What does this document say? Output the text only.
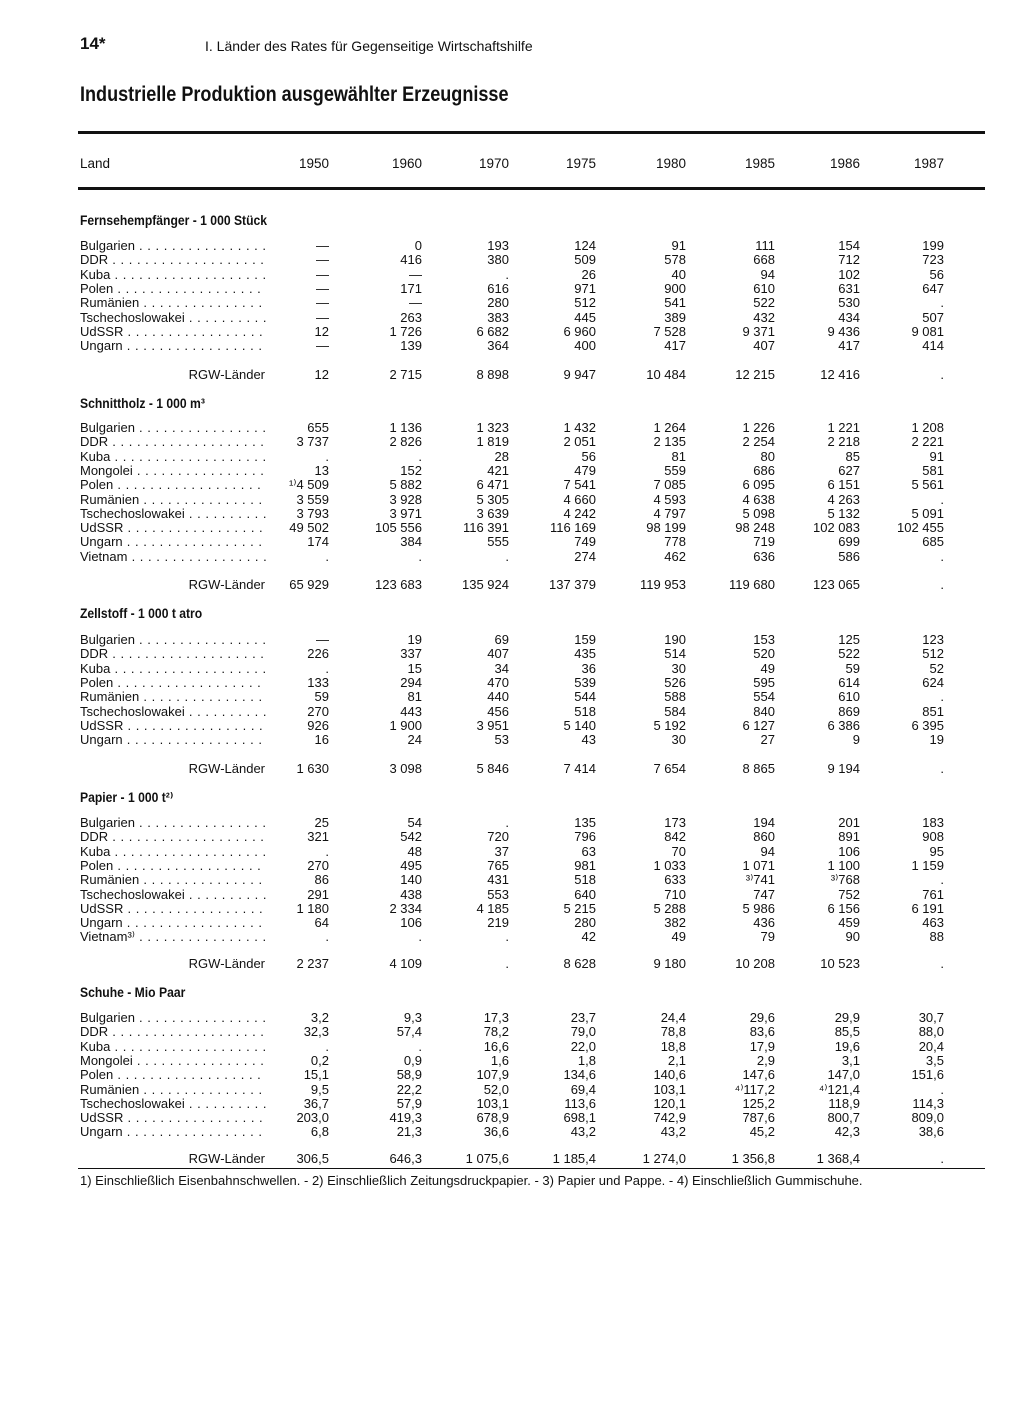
14*	I. Länder des Rates für Gegenseitige Wirtschaftshilfe
Industrielle Produktion ausgewählter Erzeugnisse
Land	1950	1960	1970	1975	1980	1985	1986	1987
Fernsehempfänger - 1 000 Stück
Bulgarien . . .	—	0	193	124	91	111	154	199
DDR . . .	—	416	380	509	578	668	712	723
Kuba . . .	—	—	.	26	40	94	102	56
Polen . . .	—	171	616	971	900	610	631	647
Rumänien . . .	—	—	280	512	541	522	530	.
Tschechoslowakei . . .	—	263	383	445	389	432	434	507
UdSSR . . .	12	1 726	6 682	6 960	7 528	9 371	9 436	9 081
Ungarn . . .	—	139	364	400	417	407	417	414
RGW-Länder	12	2 715	8 898	9 947	10 484	12 215	12 416	.
Schnittholz - 1 000 m³
Bulgarien . . .	655	1 136	1 323	1 432	1 264	1 226	1 221	1 208
DDR . . .	3 737	2 826	1 819	2 051	2 135	2 254	2 218	2 221
Kuba . . .	.	.	28	56	81	80	85	91
Mongolei . . .	13	152	421	479	559	686	627	581
Polen . . .	¹⁾4 509	5 882	6 471	7 541	7 085	6 095	6 151	5 561
Rumänien . . .	3 559	3 928	5 305	4 660	4 593	4 638	4 263	.
Tschechoslowakei . . .	3 793	3 971	3 639	4 242	4 797	5 098	5 132	5 091
UdSSR . . .	49 502	105 556	116 391	116 169	98 199	98 248	102 083	102 455
Ungarn . . .	174	384	555	749	778	719	699	685
Vietnam . . .	.	.	.	274	462	636	586	.
RGW-Länder	65 929	123 683	135 924	137 379	119 953	119 680	123 065	.
Zellstoff - 1 000 t atro
Bulgarien . . .	—	19	69	159	190	153	125	123
DDR . . .	226	337	407	435	514	520	522	512
Kuba . . .	.	15	34	36	30	49	59	52
Polen . . .	133	294	470	539	526	595	614	624
Rumänien . . .	59	81	440	544	588	554	610	.
Tschechoslowakei . . .	270	443	456	518	584	840	869	851
UdSSR . . .	926	1 900	3 951	5 140	5 192	6 127	6 386	6 395
Ungarn . . .	16	24	53	43	30	27	9	19
RGW-Länder	1 630	3 098	5 846	7 414	7 654	8 865	9 194	.
Papier - 1 000 t²⁾
Bulgarien . . .	25	54	.	135	173	194	201	183
DDR . . .	321	542	720	796	842	860	891	908
Kuba . . .	.	48	37	63	70	94	106	95
Polen . . .	270	495	765	981	1 033	1 071	1 100	1 159
Rumänien . . .	86	140	431	518	633	³⁾741	³⁾768	.
Tschechoslowakei . . .	291	438	553	640	710	747	752	761
UdSSR . . .	1 180	2 334	4 185	5 215	5 288	5 986	6 156	6 191
Ungarn . . .	64	106	219	280	382	436	459	463
Vietnam³⁾ . . .	.	.	.	42	49	79	90	88
RGW-Länder	2 237	4 109	.	8 628	9 180	10 208	10 523	.
Schuhe - Mio Paar
Bulgarien . . .	3,2	9,3	17,3	23,7	24,4	29,6	29,9	30,7
DDR . . .	32,3	57,4	78,2	79,0	78,8	83,6	85,5	88,0
Kuba . . .	.	.	16,6	22,0	18,8	17,9	19,6	20,4
Mongolei . . .	0,2	0,9	1,6	1,8	2,1	2,9	3,1	3,5
Polen . . .	15,1	58,9	107,9	134,6	140,6	147,6	147,0	151,6
Rumänien . . .	9,5	22,2	52,0	69,4	103,1	⁴⁾117,2	⁴⁾121,4	.
Tschechoslowakei . . .	36,7	57,9	103,1	113,6	120,1	125,2	118,9	114,3
UdSSR . . .	203,0	419,3	678,9	698,1	742,9	787,6	800,7	809,0
Ungarn . . .	6,8	21,3	36,6	43,2	43,2	45,2	42,3	38,6
RGW-Länder	306,5	646,3	1 075,6	1 185,4	1 274,0	1 356,8	1 368,4	.
1) Einschließlich Eisenbahnschwellen. - 2) Einschließlich Zeitungsdruckpapier. - 3) Papier und Pappe. - 4) Einschließlich Gummischuhe.
